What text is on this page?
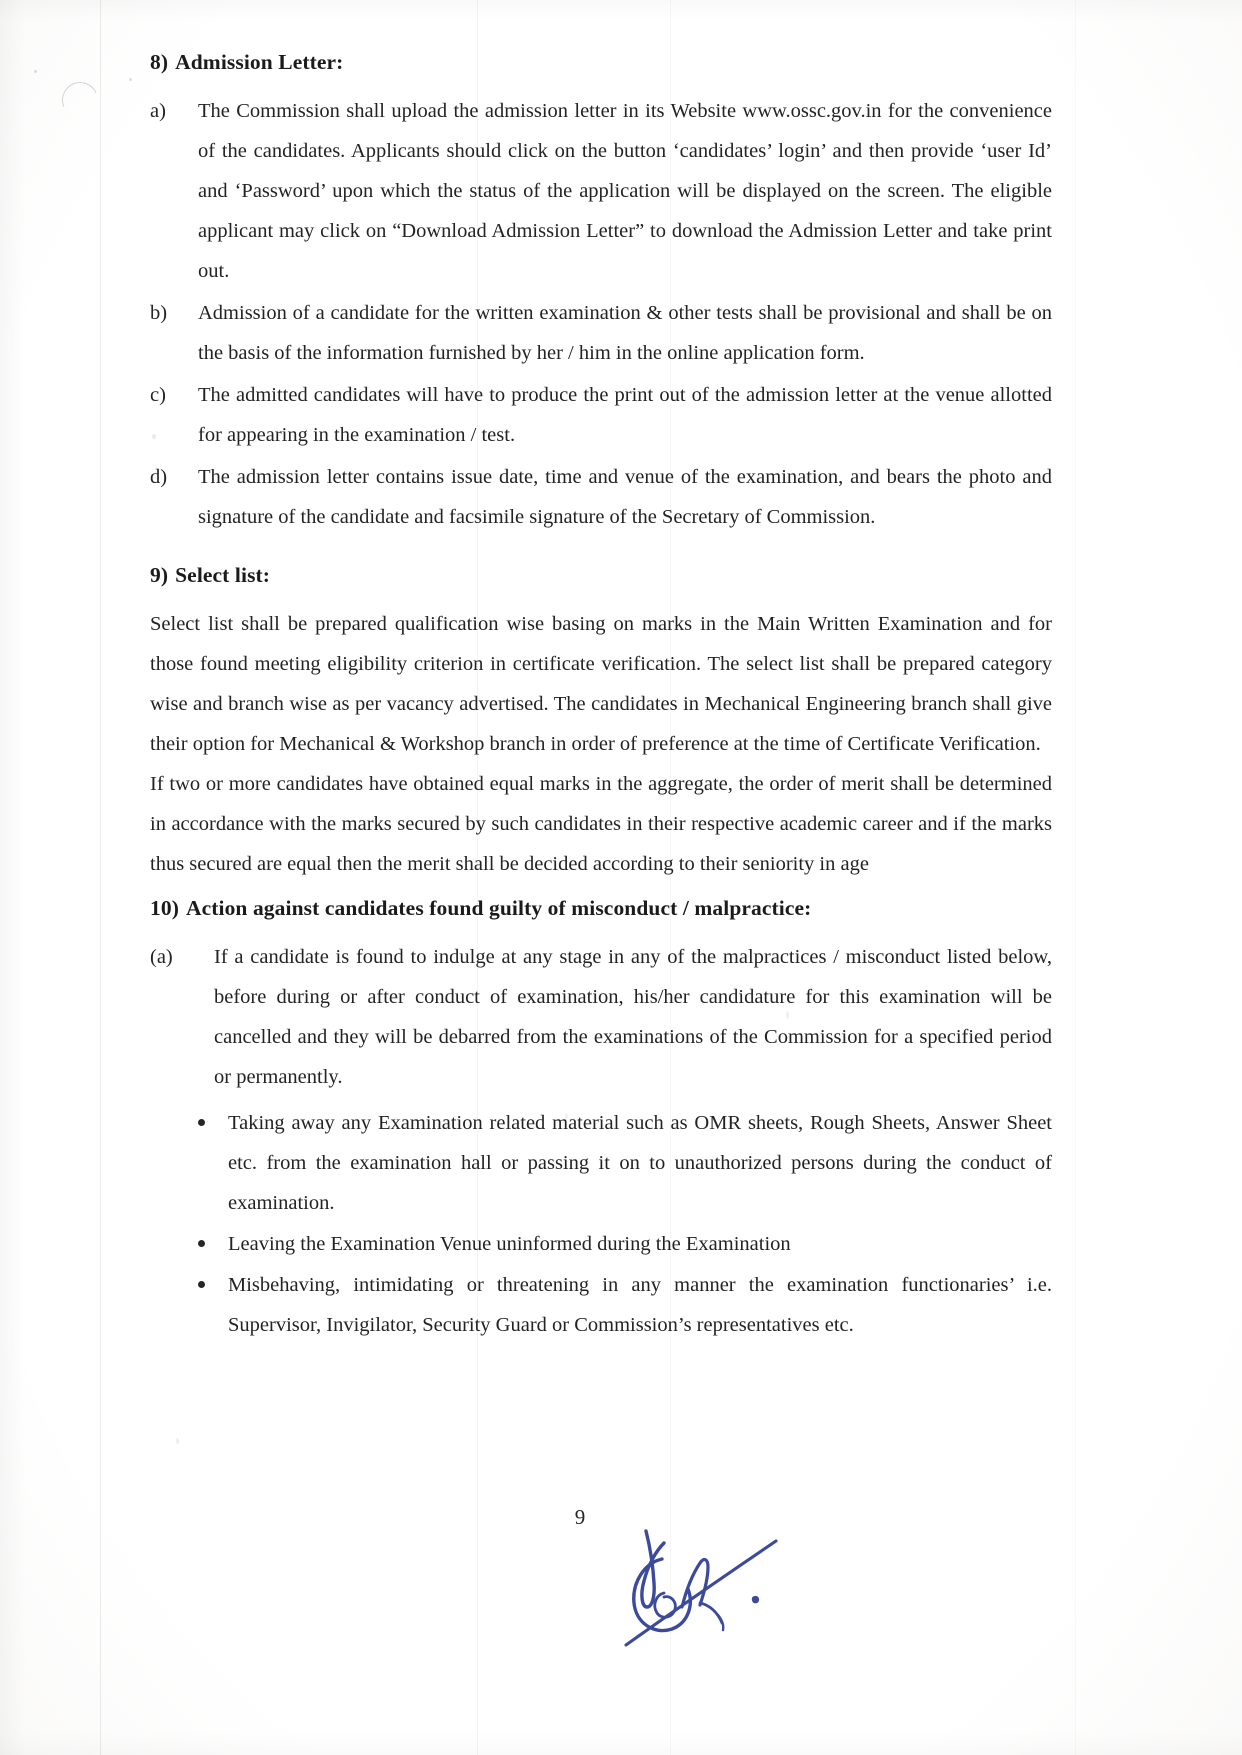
8) Admission Letter:
a)	The Commission shall upload the admission letter in its Website www.ossc.gov.in for the convenience of the candidates. Applicants should click on the button ‘candidates’ login’ and then provide ‘user Id’ and ‘Password’ upon which the status of the application will be displayed on the screen. The eligible applicant may click on “Download Admission Letter” to download the Admission Letter and take print out.
b)	Admission of a candidate for the written examination & other tests shall be provisional and shall be on the basis of the information furnished by her / him in the online application form.
c)	The admitted candidates will have to produce the print out of the admission letter at the venue allotted for appearing in the examination / test.
d)	The admission letter contains issue date, time and venue of the examination, and bears the photo and signature of the candidate and facsimile signature of the Secretary of Commission.
9) Select list:

Select list shall be prepared qualification wise basing on marks in the Main Written Examination and for those found meeting eligibility criterion in certificate verification. The select list shall be prepared category wise and branch wise as per vacancy advertised. The candidates in Mechanical Engineering branch shall give their option for Mechanical & Workshop branch in order of preference at the time of Certificate Verification.

If two or more candidates have obtained equal marks in the aggregate, the order of merit shall be determined in accordance with the marks secured by such candidates in their respective academic career and if the marks thus secured are equal then the merit shall be decided according to their seniority in age

10) Action against candidates found guilty of misconduct / malpractice:
(a)	If a candidate is found to indulge at any stage in any of the malpractices / misconduct listed below, before during or after conduct of examination, his/her candidature for this examination will be cancelled and they will be debarred from the examinations of the Commission for a specified period or permanently.
Taking away any Examination related material such as OMR sheets, Rough Sheets, Answer Sheet etc. from the examination hall or passing it on to unauthorized persons during the conduct of examination.
Leaving the Examination Venue uninformed during the Examination
Misbehaving, intimidating or threatening in any manner the examination functionaries’ i.e. Supervisor, Invigilator, Security Guard or Commission’s representatives etc.
9
